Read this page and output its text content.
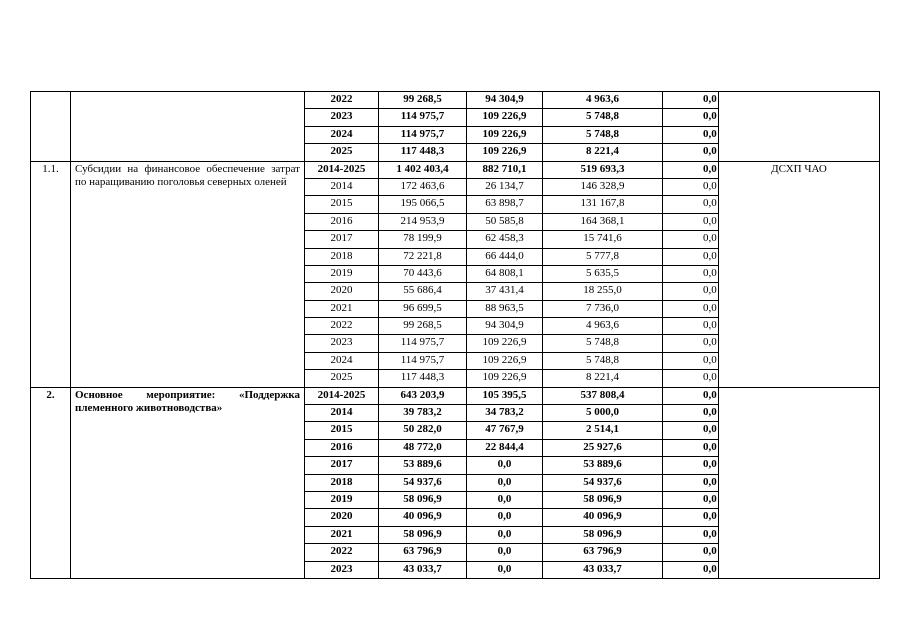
		2022	99 268,5	94 304,9	4 963,6	0,0	
		2023	114 975,7	109 226,9	5 748,8	0,0	
		2024	114 975,7	109 226,9	5 748,8	0,0	
		2025	117 448,3	109 226,9	8 221,4	0,0	
1.1.	Субсидии на финансовое обеспечение затрат по наращиванию поголовья северных оленей	2014-2025	1 402 403,4	882 710,1	519 693,3	0,0	ДСХП ЧАО
		2014	172 463,6	26 134,7	146 328,9	0,0	
		2015	195 066,5	63 898,7	131 167,8	0,0	
		2016	214 953,9	50 585,8	164 368,1	0,0	
		2017	78 199,9	62 458,3	15 741,6	0,0	
		2018	72 221,8	66 444,0	5 777,8	0,0	
		2019	70 443,6	64 808,1	5 635,5	0,0	
		2020	55 686,4	37 431,4	18 255,0	0,0	
		2021	96 699,5	88 963,5	7 736,0	0,0	
		2022	99 268,5	94 304,9	4 963,6	0,0	
		2023	114 975,7	109 226,9	5 748,8	0,0	
		2024	114 975,7	109 226,9	5 748,8	0,0	
		2025	117 448,3	109 226,9	8 221,4	0,0	
2.	Основное мероприятие: «Поддержка племенного животноводства»	2014-2025	643 203,9	105 395,5	537 808,4	0,0	
		2014	39 783,2	34 783,2	5 000,0	0,0	
		2015	50 282,0	47 767,9	2 514,1	0,0	
		2016	48 772,0	22 844,4	25 927,6	0,0	
		2017	53 889,6	0,0	53 889,6	0,0	
		2018	54 937,6	0,0	54 937,6	0,0	
		2019	58 096,9	0,0	58 096,9	0,0	
		2020	40 096,9	0,0	40 096,9	0,0	
		2021	58 096,9	0,0	58 096,9	0,0	
		2022	63 796,9	0,0	63 796,9	0,0	
		2023	43 033,7	0,0	43 033,7	0,0	
